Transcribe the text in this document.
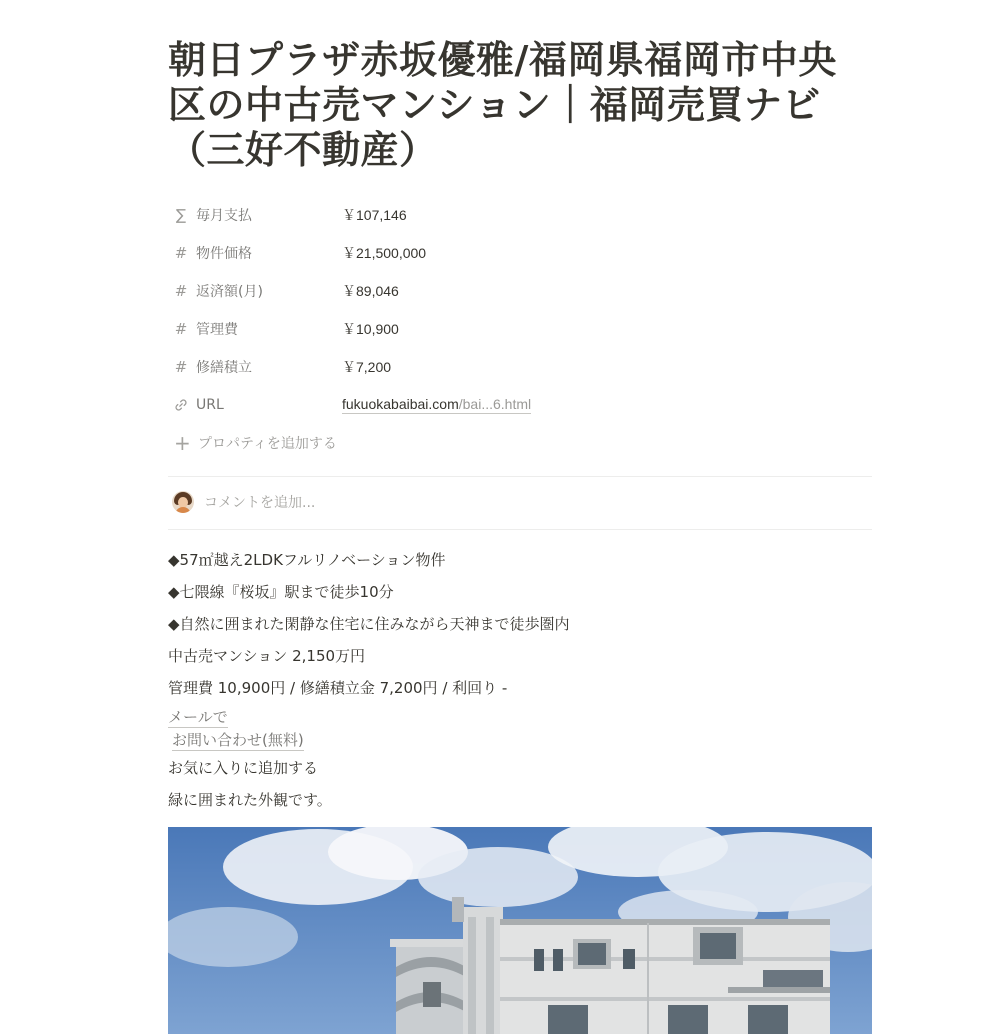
朝日プラザ赤坂優雅/福岡県福岡市中央区の中古売マンション｜福岡売買ナビ（三好不動産）
∑ 毎月支払	￥107,146
# 物件価格	￥21,500,000
# 返済額(月)	￥89,046
# 管理費	￥10,900
# 修繕積立	￥7,200
URL	fukuokabaibai.com/bai...6.html
+ プロパティを追加する
コメントを追加...
◆57㎡越え2LDKフルリノベーション物件
◆七隈線『桜坂』駅まで徒歩10分
◆自然に囲まれた閑静な住宅に住みながら天神まで徒歩圏内
中古売マンション 2,150万円
管理費 10,900円 / 修繕積立金 7,200円 / 利回り -
メールで
お問い合わせ(無料)
お気に入りに追加する
緑に囲まれた外観です。
